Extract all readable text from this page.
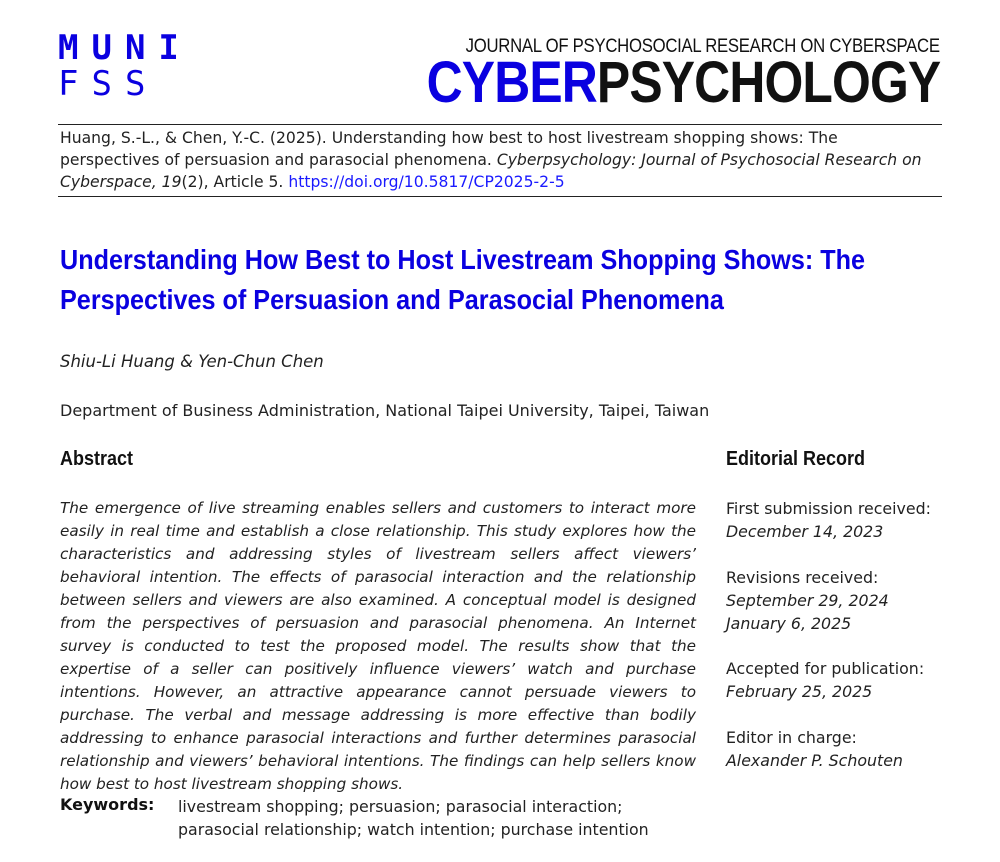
MUNI
FSS
JOURNAL OF PSYCHOSOCIAL RESEARCH ON CYBERSPACE
CYBERPSYCHOLOGY
Huang, S.-L., & Chen, Y.-C. (2025). Understanding how best to host livestream shopping shows: The perspectives of persuasion and parasocial phenomena. Cyberpsychology: Journal of Psychosocial Research on Cyberspace, 19(2), Article 5. https://doi.org/10.5817/CP2025-2-5
Understanding How Best to Host Livestream Shopping Shows: The Perspectives of Persuasion and Parasocial Phenomena
Shiu-Li Huang & Yen-Chun Chen
Department of Business Administration, National Taipei University, Taipei, Taiwan
Abstract	Editorial Record
The emergence of live streaming enables sellers and customers to interact more easily in real time and establish a close relationship. This study explores how the characteristics and addressing styles of livestream sellers affect viewers’ behavioral intention. The effects of parasocial interaction and the relationship between sellers and viewers are also examined. A conceptual model is designed from the perspectives of persuasion and parasocial phenomena. An Internet survey is conducted to test the proposed model. The results show that the expertise of a seller can positively influence viewers’ watch and purchase intentions. However, an attractive appearance cannot persuade viewers to purchase. The verbal and message addressing is more effective than bodily addressing to enhance parasocial interactions and further determines parasocial relationship and viewers’ behavioral intentions. The findings can help sellers know how best to host livestream shopping shows.
Keywords: livestream shopping; persuasion; parasocial interaction; parasocial relationship; watch intention; purchase intention
First submission received:
December 14, 2023
Revisions received:
September 29, 2024
January 6, 2025
Accepted for publication:
February 25, 2025
Editor in charge:
Alexander P. Schouten
